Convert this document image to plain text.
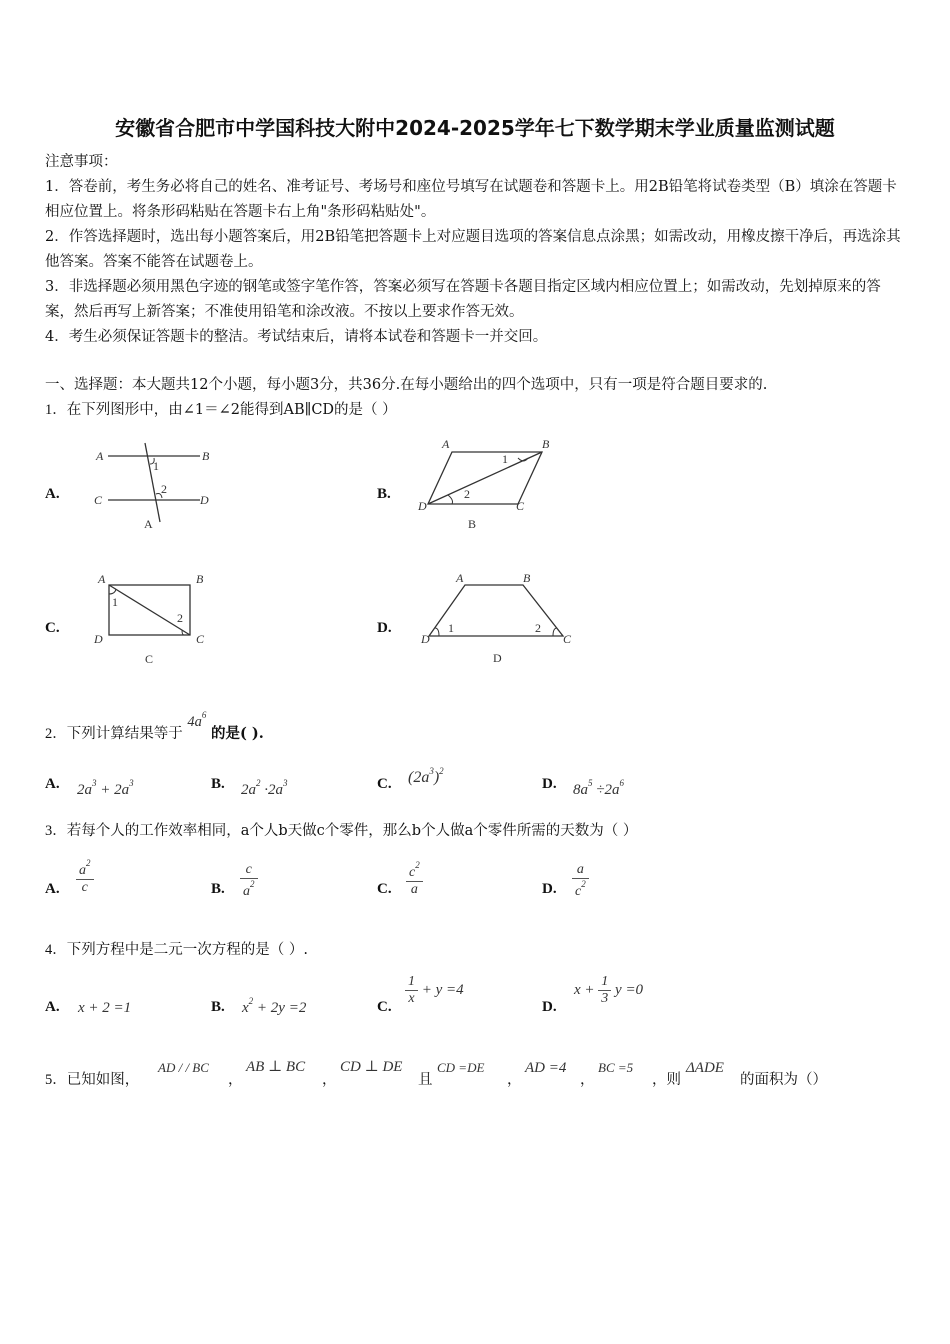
安徽省合肥市中学国科技大附中2024-2025学年七下数学期末学业质量监测试题
注意事项：
1．答卷前，考生务必将自己的姓名、准考证号、考场号和座位号填写在试题卷和答题卡上。用2B铅笔将试卷类型（B）填涂在答题卡相应位置上。将条形码粘贴在答题卡右上角"条形码粘贴处"。
2．作答选择题时，选出每小题答案后，用2B铅笔把答题卡上对应题目选项的答案信息点涂黑；如需改动，用橡皮擦干净后，再选涂其他答案。答案不能答在试题卷上。
3．非选择题必须用黑色字迹的钢笔或签字笔作答，答案必须写在答题卡各题目指定区域内相应位置上；如需改动，先划掉原来的答案，然后再写上新答案；不准使用铅笔和涂改液。不按以上要求作答无效。
4．考生必须保证答题卡的整洁。考试结束后，请将本试卷和答题卡一并交回。
一、选择题：本大题共12个小题，每小题3分，共36分.在每小题给出的四个选项中，只有一项是符合题目要求的.
1．在下列图形中，由∠1＝∠2能得到AB∥CD的是（ ）
A.	B.
C.	D.
A	B
C	D
1
2
A
A	B
C
D
1
2
B
A	B
C
D
1
2
C
A	B
C
D
1	2
D
2．下列计算结果等于 $4a^6$ 的是( ).
A. $2a^3 + 2a^3$	B. $2a^2 \cdot 2a^3$	C. $(2a^3)^2$
D. $8a^5 \div 2a^6$
3．若每个人的工作效率相同，a个人b天做c个零件，那么b个人做a个零件所需的天数为（ ）
A. $\frac{a^2}{c}$	B. $\frac{c}{a^2}$	C. $\frac{c^2}{a}$	D. $\frac{a}{c^2}$
4．下列方程中是二元一次方程的是（ ）.
A. x + 2 =1	B. $x^2 + 2y =2$	C. $\frac{1}{x} + y =4$
D.
$x + \frac{1}{3}$ y =0
5．已知如图，
AD / / BC
，
AB ⊥ BC
，
CD ⊥ DE
且
CD =DE
，
AD =4
，
BC =5
，则
ΔADE
的面积为（）
